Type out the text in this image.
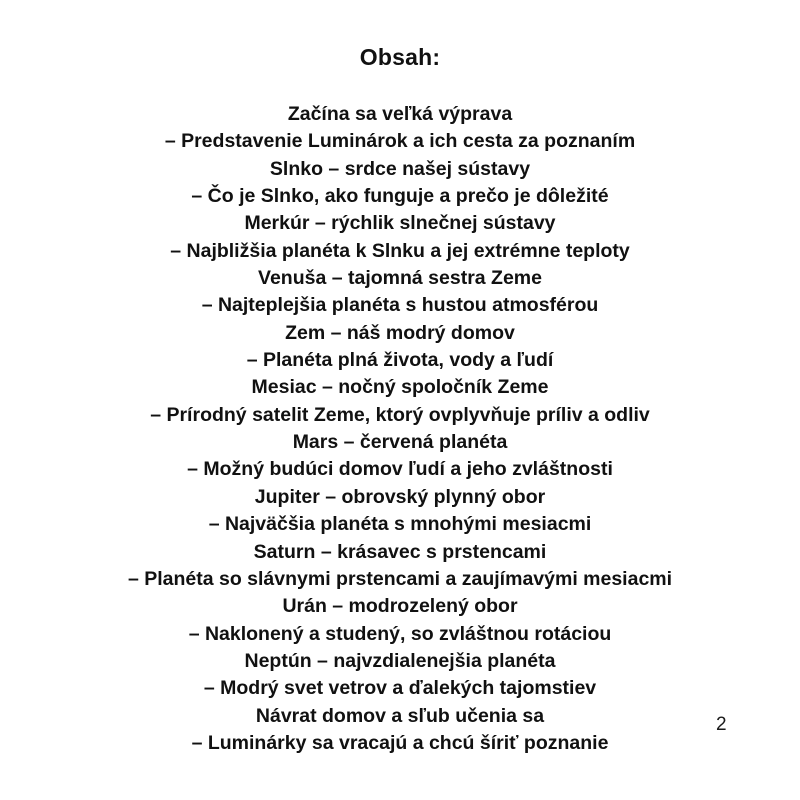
Obsah:
Začína sa veľká výprava
– Predstavenie Luminárok a ich cesta za poznaním
Slnko – srdce našej sústavy
– Čo je Slnko, ako funguje a prečo je dôležité
Merkúr – rýchlik slnečnej sústavy
– Najbližšia planéta k Slnku a jej extrémne teploty
Venuša – tajomná sestra Zeme
– Najteplejšia planéta s hustou atmosférou
Zem – náš modrý domov
– Planéta plná života, vody a ľudí
Mesiac – nočný spoločník Zeme
– Prírodný satelit Zeme, ktorý ovplyvňuje príliv a odliv
Mars – červená planéta
– Možný budúci domov ľudí a jeho zvláštnosti
Jupiter – obrovský plynný obor
– Najväčšia planéta s mnohými mesiacmi
Saturn – krásavec s prstencami
– Planéta so slávnymi prstencami a zaujímavými mesiacmi
Urán – modrozelený obor
– Naklonený a studený, so zvláštnou rotáciou
Neptún – najvzdialenejšia planéta
– Modrý svet vetrov a ďalekých tajomstiev
Návrat domov a sľub učenia sa
– Luminárky sa vracajú a chcú šíriť poznanie
2
